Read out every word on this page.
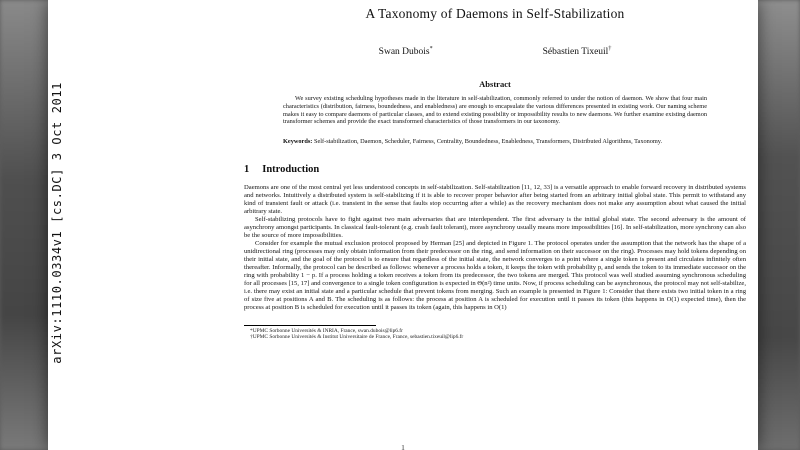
arXiv:1110.0334v1 [cs.DC] 3 Oct 2011
A Taxonomy of Daemons in Self-Stabilization
Swan Dubois*	Sébastien Tixeuil†
Abstract
We survey existing scheduling hypotheses made in the literature in self-stabilization, commonly referred to under the notion of daemon. We show that four main characteristics (distribution, fairness, boundedness, and enabledness) are enough to encapsulate the various differences presented in existing work. Our naming scheme makes it easy to compare daemons of particular classes, and to extend existing possibility or impossibility results to new daemons. We further examine existing daemon transformer schemes and provide the exact transformed characteristics of those transformers in our taxonomy.
Keywords: Self-stabilization, Daemon, Scheduler, Fairness, Centrality, Boundedness, Enabledness, Transformers, Distributed Algorithms, Taxonomy.
1 Introduction

Daemons are one of the most central yet less understood concepts in self-stabilization. Self-stabilization [11, 12, 33] is a versatile approach to enable forward recovery in distributed systems and networks. Intuitively a distributed system is self-stabilizing if it is able to recover proper behavior after being started from an arbitrary initial global state. This permit to withstand any kind of transient fault or attack (i.e. transient in the sense that faults stop occurring after a while) as the recovery mechanism does not make any assumption about what caused the initial arbitrary state.

Self-stabilizing protocols have to fight against two main adversaries that are interdependent. The first adversary is the initial global state. The second adversary is the amount of asynchrony amongst participants. In classical fault-tolerant (e.g. crash fault tolerant), more asynchrony usually means more impossibilities [16]. In self-stabilization, more synchrony can also be the source of more impossibilities.

Consider for example the mutual exclusion protocol proposed by Herman [25] and depicted in Figure 1. The protocol operates under the assumption that the network has the shape of a unidirectional ring (processes may only obtain information from their predecessor on the ring, and send information on their successor on the ring). Processes may hold tokens depending on their initial state, and the goal of the protocol is to ensure that regardless of the initial state, the network converges to a point where a single token is present and circulates infinitely often thereafter. Informally, the protocol can be described as follows: whenever a process holds a token, it keeps the token with probability p, and sends the token to its immediate successor on the ring with probability 1 − p. If a process holding a token receives a token from its predecessor, the two tokens are merged. This protocol was well studied assuming synchronous scheduling for all processes [15, 17] and convergence to a single token configuration is expected in Θ(n²) time units. Now, if process scheduling can be asynchronous, the protocol may not self-stabilize, i.e. there may exist an initial state and a particular schedule that prevent tokens from merging. Such an example is presented in Figure 1: Consider that there exists two initial token in a ring of size five at positions A and B. The scheduling is as follows: the process at position A is scheduled for execution until it passes its token (this happens in O(1) expected time), then the process at position B is scheduled for execution until it passes its token (again, this happens in O(1)

*UPMC Sorbonne Universités & INRIA, France, swan.dubois@lip6.fr
†UPMC Sorbonne Universités & Institut Universitaire de France, France, sebastien.tixeuil@lip6.fr
1
